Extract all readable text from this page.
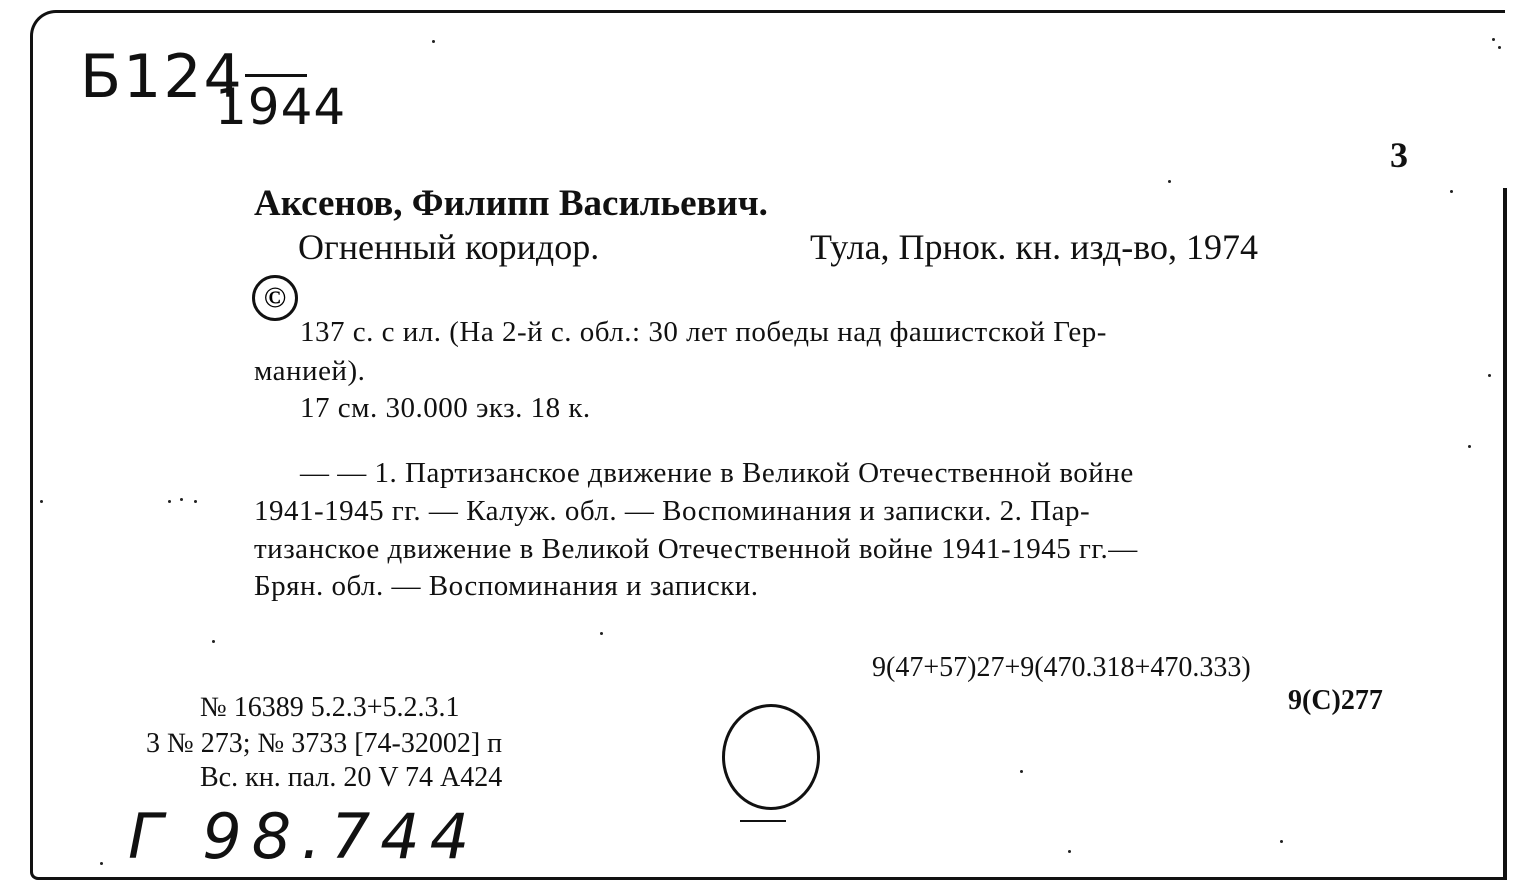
Б124
1944
3
Аксенов, Филипп Васильевич.
Огненный коридор.	Тула, Прнок. кн. изд-во, 1974
©
137 с. с ил. (На 2-й с. обл.: 30 лет победы над фашистской Гер-
манией).
17 см. 30.000 экз. 18 к.
— — 1. Партизанское движение в Великой Отечественной войне
1941-1945 гг. — Калуж. обл. — Воспоминания и записки. 2. Пар-
тизанское движение в Великой Отечественной войне 1941-1945 гг.—
Брян. обл. — Воспоминания и записки.
9(47+57)27+9(470.318+470.333)
9(С)277
№ 16389 5.2.3+5.2.3.1
3 № 273; № 3733 [74-32002] п
Вс. кн. пал. 20 V 74 А424
Г 98.744
